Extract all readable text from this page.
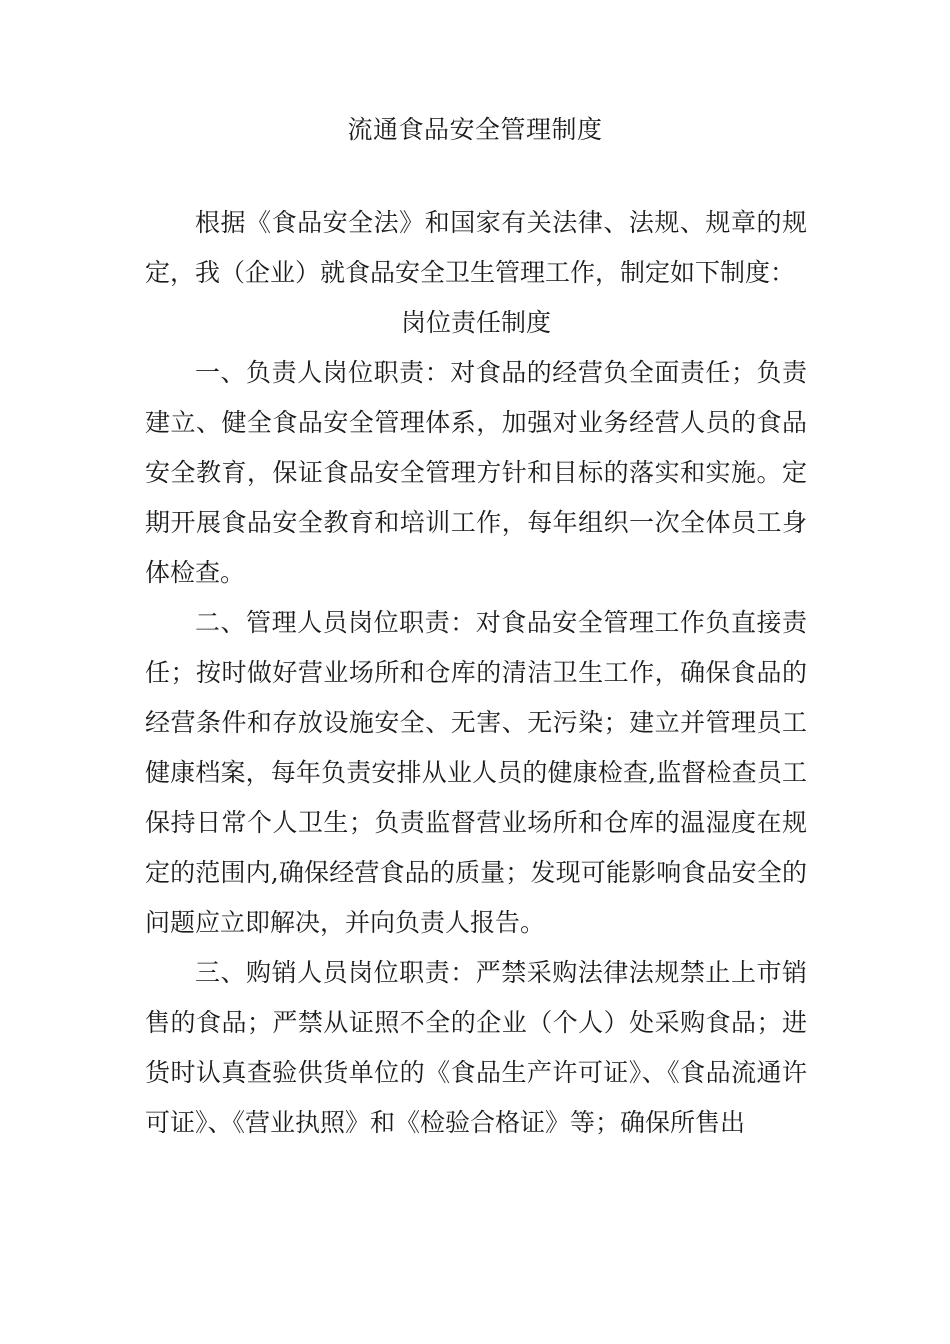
流通食品安全管理制度

根据《食品安全法》和国家有关法律、法规、规章的规定，我（企业）就食品安全卫生管理工作，制定如下制度：

岗位责任制度

一、负责人岗位职责：对食品的经营负全面责任；负责建立、健全食品安全管理体系，加强对业务经营人员的食品安全教育，保证食品安全管理方针和目标的落实和实施。定期开展食品安全教育和培训工作，每年组织一次全体员工身体检查。

二、管理人员岗位职责：对食品安全管理工作负直接责任；按时做好营业场所和仓库的清洁卫生工作，确保食品的经营条件和存放设施安全、无害、无污染；建立并管理员工健康档案，每年负责安排从业人员的健康检查,监督检查员工保持日常个人卫生；负责监督营业场所和仓库的温湿度在规定的范围内,确保经营食品的质量；发现可能影响食品安全的问题应立即解决，并向负责人报告。

三、购销人员岗位职责：严禁采购法律法规禁止上市销售的食品；严禁从证照不全的企业（个人）处采购食品；进货时认真查验供货单位的《食品生产许可证》、《食品流通许可证》、《营业执照》和《检验合格证》等；确保所售出
